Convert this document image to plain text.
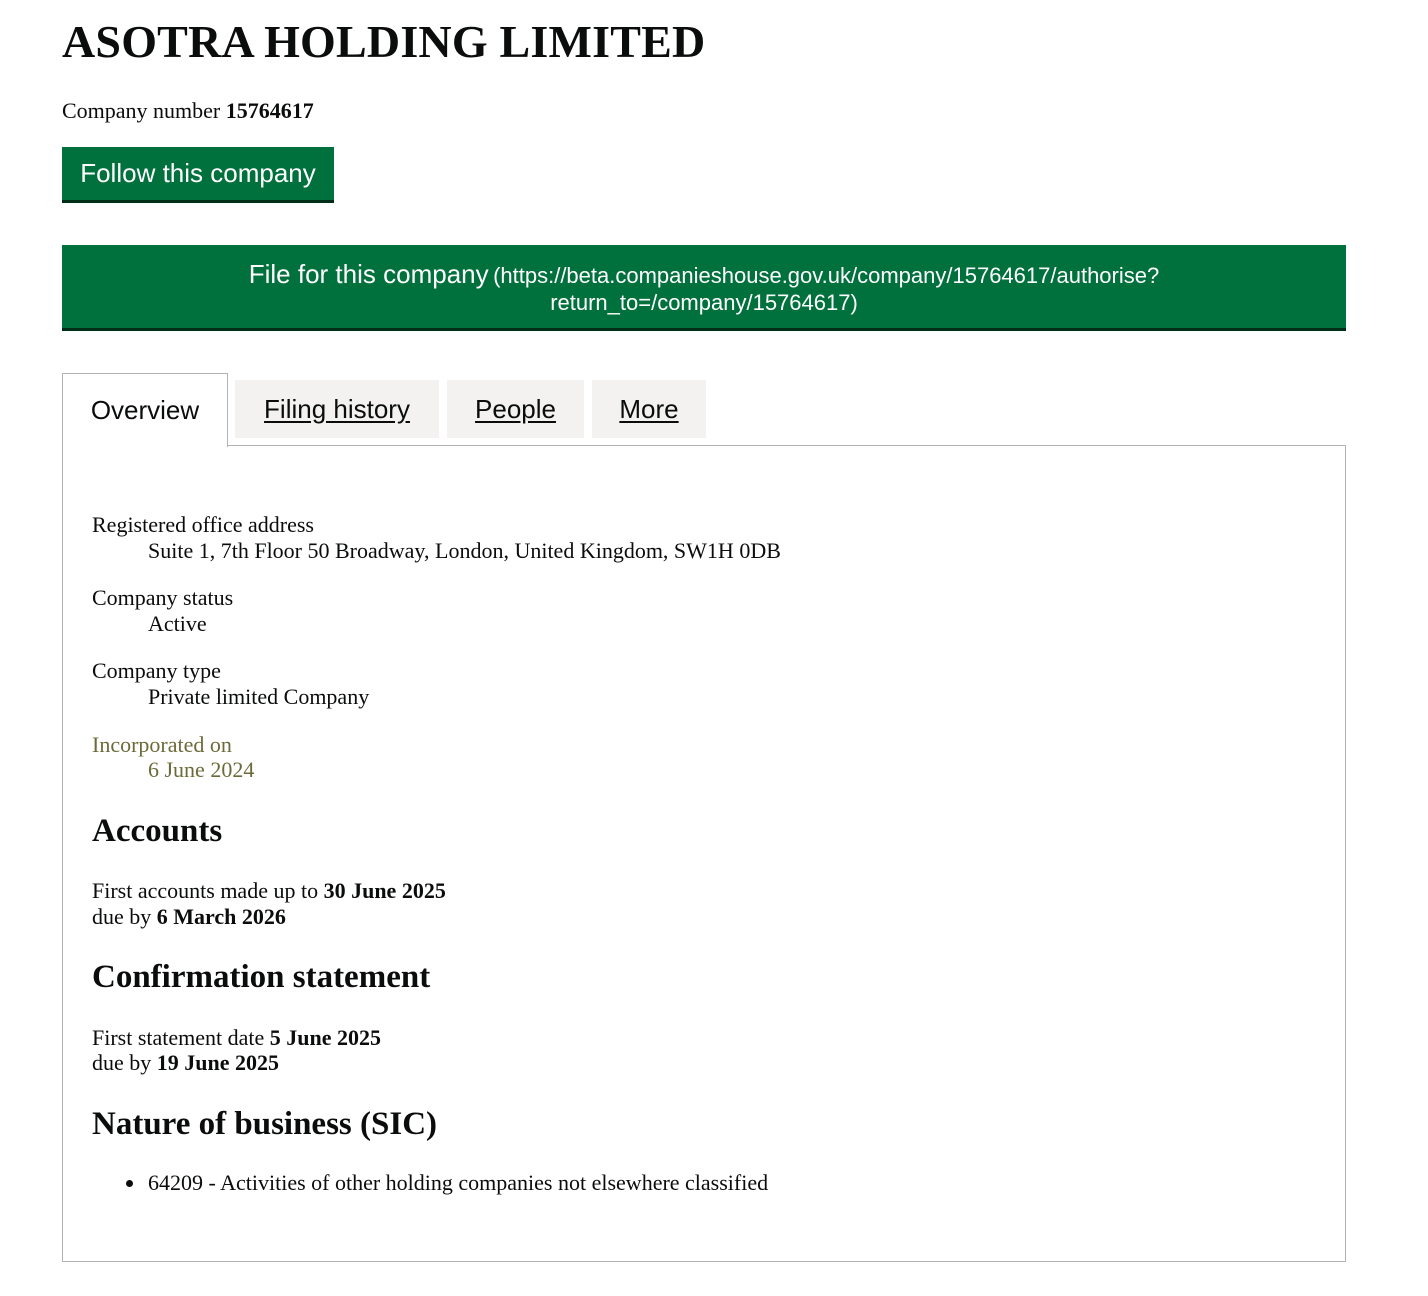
ASOTRA HOLDING LIMITED
Company number 15764617
Follow this company
File for this company (https://beta.companieshouse.gov.uk/company/15764617/authorise?
return_to=/company/15764617)
Overview	Filing history	People	More
Registered office address
Suite 1, 7th Floor 50 Broadway, London, United Kingdom, SW1H 0DB
Company status
Active
Company type
Private limited Company
Incorporated on
6 June 2024
Accounts
First accounts made up to 30 June 2025
due by 6 March 2026
Confirmation statement
First statement date 5 June 2025
due by 19 June 2025
Nature of business (SIC)
64209 - Activities of other holding companies not elsewhere classified
